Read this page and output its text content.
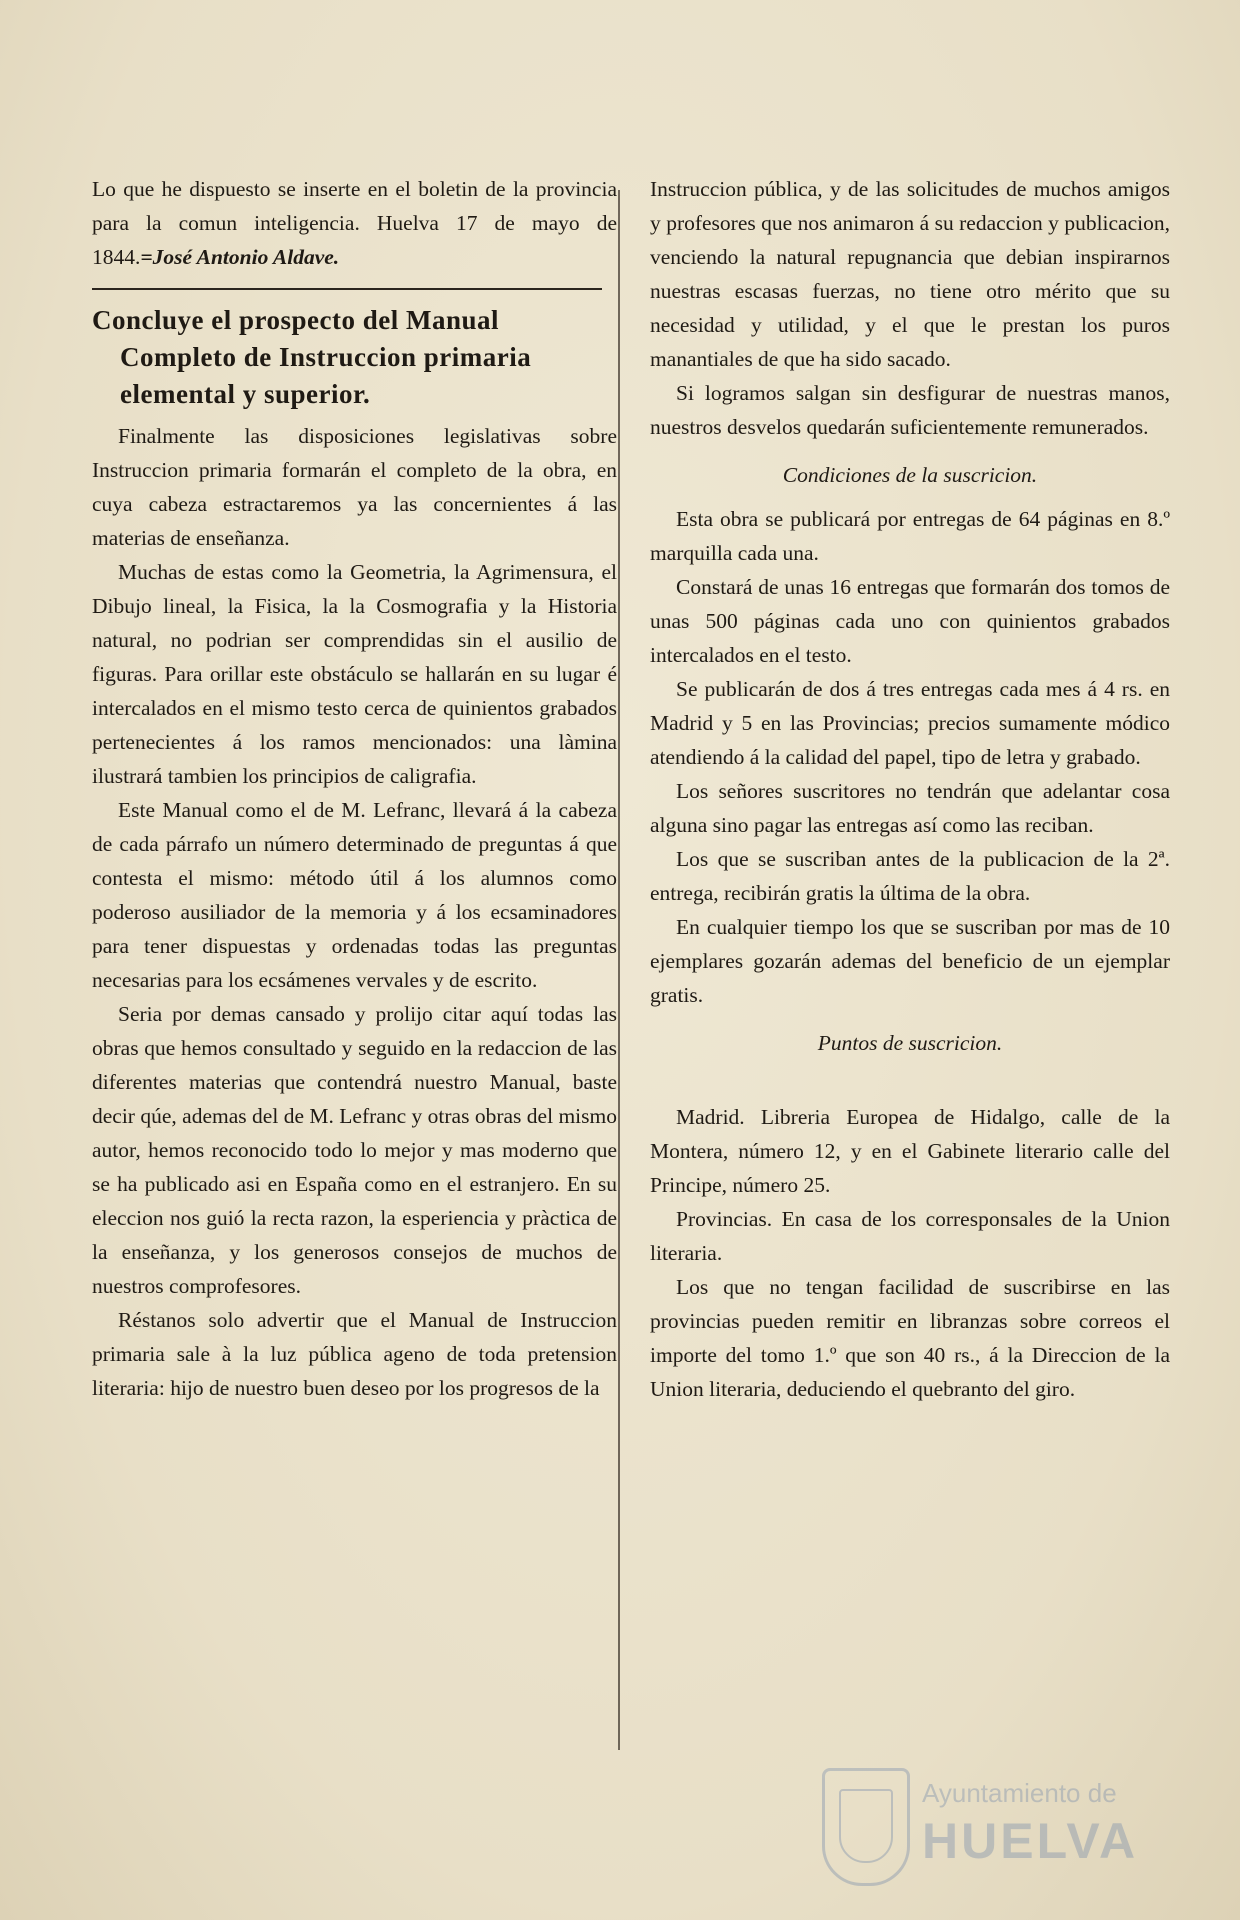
Lo que he dispuesto se inserte en el boletin de la provincia para la comun inteligencia. Huelva 17 de mayo de 1844.=José Antonio Aldave.

Concluye el prospecto del Manual
Completo de Instruccion primaria
elemental y superior.

Finalmente las disposiciones legislativas sobre Instruccion primaria formarán el completo de la obra, en cuya cabeza estractaremos ya las concernientes á las materias de enseñanza.

Muchas de estas como la Geometria, la Agrimensura, el Dibujo lineal, la Fisica, la la Cosmografia y la Historia natural, no podrian ser comprendidas sin el ausilio de figuras. Para orillar este obstáculo se hallarán en su lugar é intercalados en el mismo testo cerca de quinientos grabados pertenecientes á los ramos mencionados: una làmina ilustrará tambien los principios de caligrafia.

Este Manual como el de M. Lefranc, llevará á la cabeza de cada párrafo un número determinado de preguntas á que contesta el mismo: método útil á los alumnos como poderoso ausiliador de la memoria y á los ecsaminadores para tener dispuestas y ordenadas todas las preguntas necesarias para los ecsámenes vervales y de escrito.

Seria por demas cansado y prolijo citar aquí todas las obras que hemos consultado y seguido en la redaccion de las diferentes materias que contendrá nuestro Manual, baste decir qúe, ademas del de M. Lefranc y otras obras del mismo autor, hemos reconocido todo lo mejor y mas moderno que se ha publicado asi en España como en el estranjero. En su eleccion nos guió la recta razon, la esperiencia y pràctica de la enseñanza, y los generosos consejos de muchos de nuestros comprofesores.

Réstanos solo advertir que el Manual de Instruccion primaria sale à la luz pública ageno de toda pretension literaria: hijo de nuestro buen deseo por los progresos de la

Instruccion pública, y de las solicitudes de muchos amigos y profesores que nos animaron á su redaccion y publicacion, venciendo la natural repugnancia que debian inspirarnos nuestras escasas fuerzas, no tiene otro mérito que su necesidad y utilidad, y el que le prestan los puros manantiales de que ha sido sacado.

Si logramos salgan sin desfigurar de nuestras manos, nuestros desvelos quedarán suficientemente remunerados.

Condiciones de la suscricion.

Esta obra se publicará por entregas de 64 páginas en 8.º marquilla cada una.

Constará de unas 16 entregas que formarán dos tomos de unas 500 páginas cada uno con quinientos grabados intercalados en el testo.

Se publicarán de dos á tres entregas cada mes á 4 rs. en Madrid y 5 en las Provincias; precios sumamente módico atendiendo á la calidad del papel, tipo de letra y grabado.

Los señores suscritores no tendrán que adelantar cosa alguna sino pagar las entregas así como las reciban.

Los que se suscriban antes de la publicacion de la 2ª. entrega, recibirán gratis la última de la obra.

En cualquier tiempo los que se suscriban por mas de 10 ejemplares gozarán ademas del beneficio de un ejemplar gratis.

Puntos de suscricion.

Madrid. Libreria Europea de Hidalgo, calle de la Montera, número 12, y en el Gabinete literario calle del Principe, número 25.

Provincias. En casa de los corresponsales de la Union literaria.

Los que no tengan facilidad de suscribirse en las provincias pueden remitir en libranzas sobre correos el importe del tomo 1.º que son 40 rs., á la Direccion de la Union literaria, deduciendo el quebranto del giro.

Ayuntamiento de
HUELVA
